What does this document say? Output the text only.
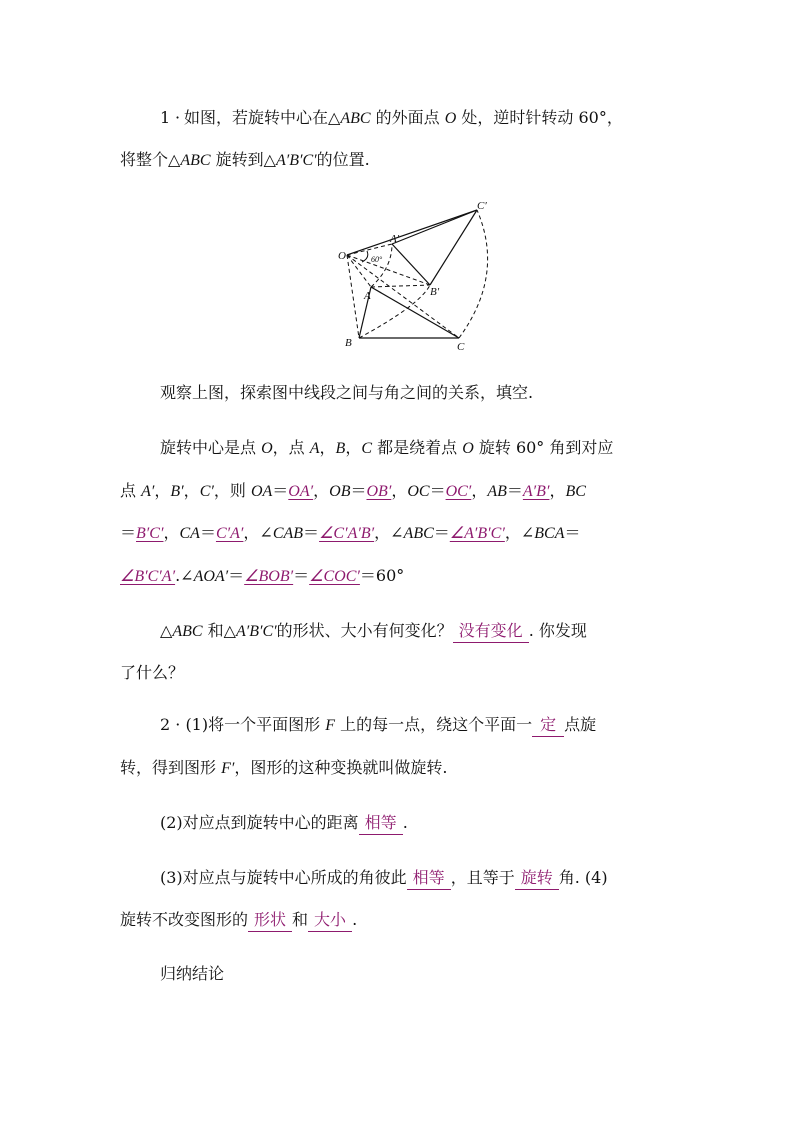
1 · 如图，若旋转中心在△ABC 的外面点 O 处，逆时针转动 60°，
将整个△ABC 旋转到△A′B′C′的位置.
O
A′
60°
B′
A
C′
B	C
观察上图，探索图中线段之间与角之间的关系，填空.
旋转中心是点 O，点 A，B，C 都是绕着点 O 旋转 60° 角到对应
点 A′，B′，C′，则 OA＝OA′，OB＝OB′，OC＝OC′，AB＝A′B′，BC
＝B′C′，CA＝C′A′，∠CAB＝∠C′A′B′，∠ABC＝∠A′B′C′，∠BCA＝
∠B′C′A′.∠AOA′＝∠BOB′＝∠COC′＝60°
△ABC 和△A′B′C′的形状、大小有何变化？ 没有变化 . 你发现
了什么？
2 · (1)将一个平面图形 F 上的每一点，绕这个平面一 定 点旋
转，得到图形 F′，图形的这种变换就叫做旋转.
(2)对应点到旋转中心的距离 相等 .
(3)对应点与旋转中心所成的角彼此 相等 ，且等于 旋转 角. (4)
旋转不改变图形的 形状 和 大小 .
归纳结论
